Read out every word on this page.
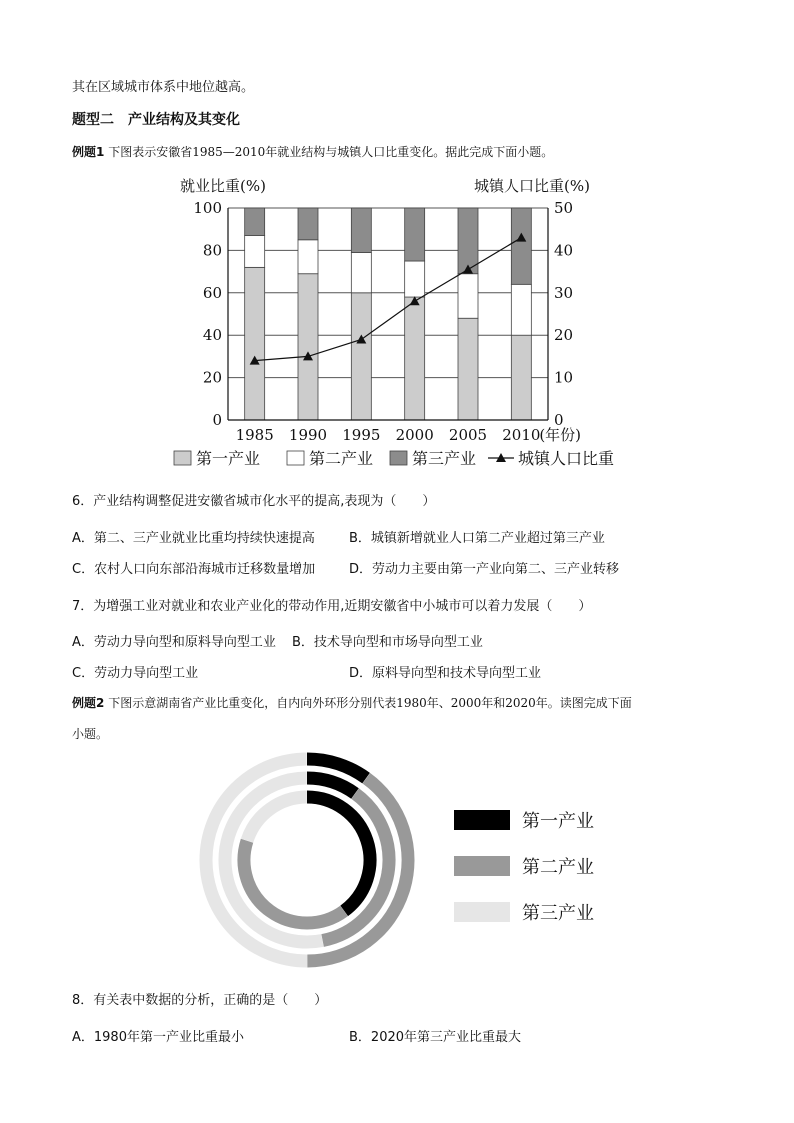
其在区域城市体系中地位越高。
题型二　产业结构及其变化
例题1 下图表示安徽省1985—2010年就业结构与城镇人口比重变化。据此完成下面小题。
就业比重(%)	城镇人口比重(%)
0
20
40
60
80
100
0
10
20
30
40
50
1985 1990 1995 2000 2005 2010
(年份)
第一产业	第二产业 第三产业	城镇人口比重
6．产业结构调整促进安徽省城市化水平的提高,表现为（　　）
A．第二、三产业就业比重均持续快速提高	B．城镇新增就业人口第二产业超过第三产业
C．农村人口向东部沿海城市迁移数量增加	D．劳动力主要由第一产业向第二、三产业转移
7．为增强工业对就业和农业产业化的带动作用,近期安徽省中小城市可以着力发展（　　）
A．劳动力导向型和原料导向型工业 B．技术导向型和市场导向型工业
C．劳动力导向型工业	D．原料导向型和技术导向型工业
例题2 下图示意湖南省产业比重变化，自内向外环形分别代表1980年、2000年和2020年。读图完成下面
小题。
第一产业
第二产业
第三产业
8．有关表中数据的分析，正确的是（　　）
A．1980年第一产业比重最小	B．2020年第三产业比重最大
